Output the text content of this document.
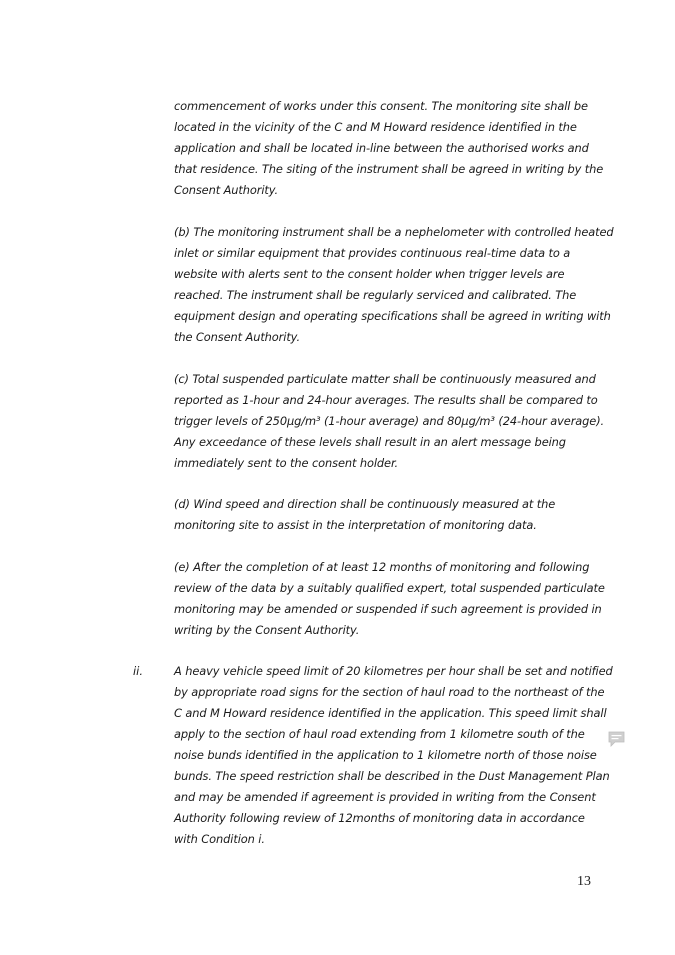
commencement of works under this consent. The monitoring site shall be
located in the vicinity of the C and M Howard residence identified in the
application and shall be located in-line between the authorised works and
that residence. The siting of the instrument shall be agreed in writing by the
Consent Authority.
(b) The monitoring instrument shall be a nephelometer with controlled heated
inlet or similar equipment that provides continuous real-time data to a
website with alerts sent to the consent holder when trigger levels are
reached. The instrument shall be regularly serviced and calibrated. The
equipment design and operating specifications shall be agreed in writing with
the Consent Authority.
(c) Total suspended particulate matter shall be continuously measured and
reported as 1-hour and 24-hour averages. The results shall be compared to
trigger levels of 250µg/m³ (1-hour average) and 80µg/m³ (24-hour average).
Any exceedance of these levels shall result in an alert message being
immediately sent to the consent holder.
(d) Wind speed and direction shall be continuously measured at the
monitoring site to assist in the interpretation of monitoring data.
(e) After the completion of at least 12 months of monitoring and following
review of the data by a suitably qualified expert, total suspended particulate
monitoring may be amended or suspended if such agreement is provided in
writing by the Consent Authority.
ii.	A heavy vehicle speed limit of 20 kilometres per hour shall be set and notified
by appropriate road signs for the section of haul road to the northeast of the
C and M Howard residence identified in the application. This speed limit shall
apply to the section of haul road extending from 1 kilometre south of the
noise bunds identified in the application to 1 kilometre north of those noise
bunds. The speed restriction shall be described in the Dust Management Plan
and may be amended if agreement is provided in writing from the Consent
Authority following review of 12months of monitoring data in accordance
with Condition i.
13
